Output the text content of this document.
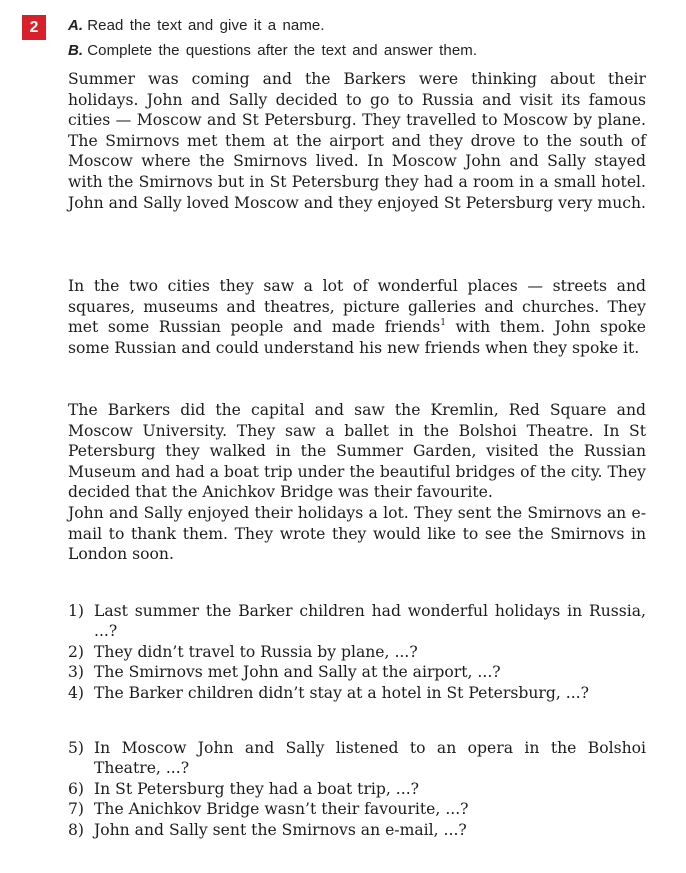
2	A. Read the text and give it a name.
B. Complete the questions after the text and answer them.

Summer was coming and the Barkers were thinking about their holidays. John and Sally decided to go to Russia and visit its famous cities — Moscow and St Petersburg. They travelled to Moscow by plane. The Smirnovs met them at the airport and they drove to the south of Moscow where the Smirnovs lived. In Moscow John and Sally stayed with the Smirnovs but in St Petersburg they had a room in a small hotel. John and Sally loved Moscow and they enjoyed St Petersburg very much.

In the two cities they saw a lot of wonderful places — streets and squares, museums and theatres, picture galleries and churches. They met some Russian people and made friends$^1$ with them. John spoke some Russian and could understand his new friends when they spoke it.

The Barkers did the capital and saw the Kremlin, Red Square and Moscow University. They saw a ballet in the Bolshoi Theatre. In St Petersburg they walked in the Summer Garden, visited the Russian Museum and had a boat trip under the beautiful bridges of the city. They decided that the Anichkov Bridge was their favourite.

John and Sally enjoyed their holidays a lot. They sent the Smirnovs an e-mail to thank them. They wrote they would like to see the Smirnovs in London soon.

1) Last summer the Barker children had wonderful holidays in Russia, ...?
2) They didn’t travel to Russia by plane, ...?
3) The Smirnovs met John and Sally at the airport, ...?
4) The Barker children didn’t stay at a hotel in St Petersburg, ...?
5) In Moscow John and Sally listened to an opera in the Bolshoi Theatre, ...?
6) In St Petersburg they had a boat trip, ...?
7) The Anichkov Bridge wasn’t their favourite, ...?
8) John and Sally sent the Smirnovs an e-mail, ...?
